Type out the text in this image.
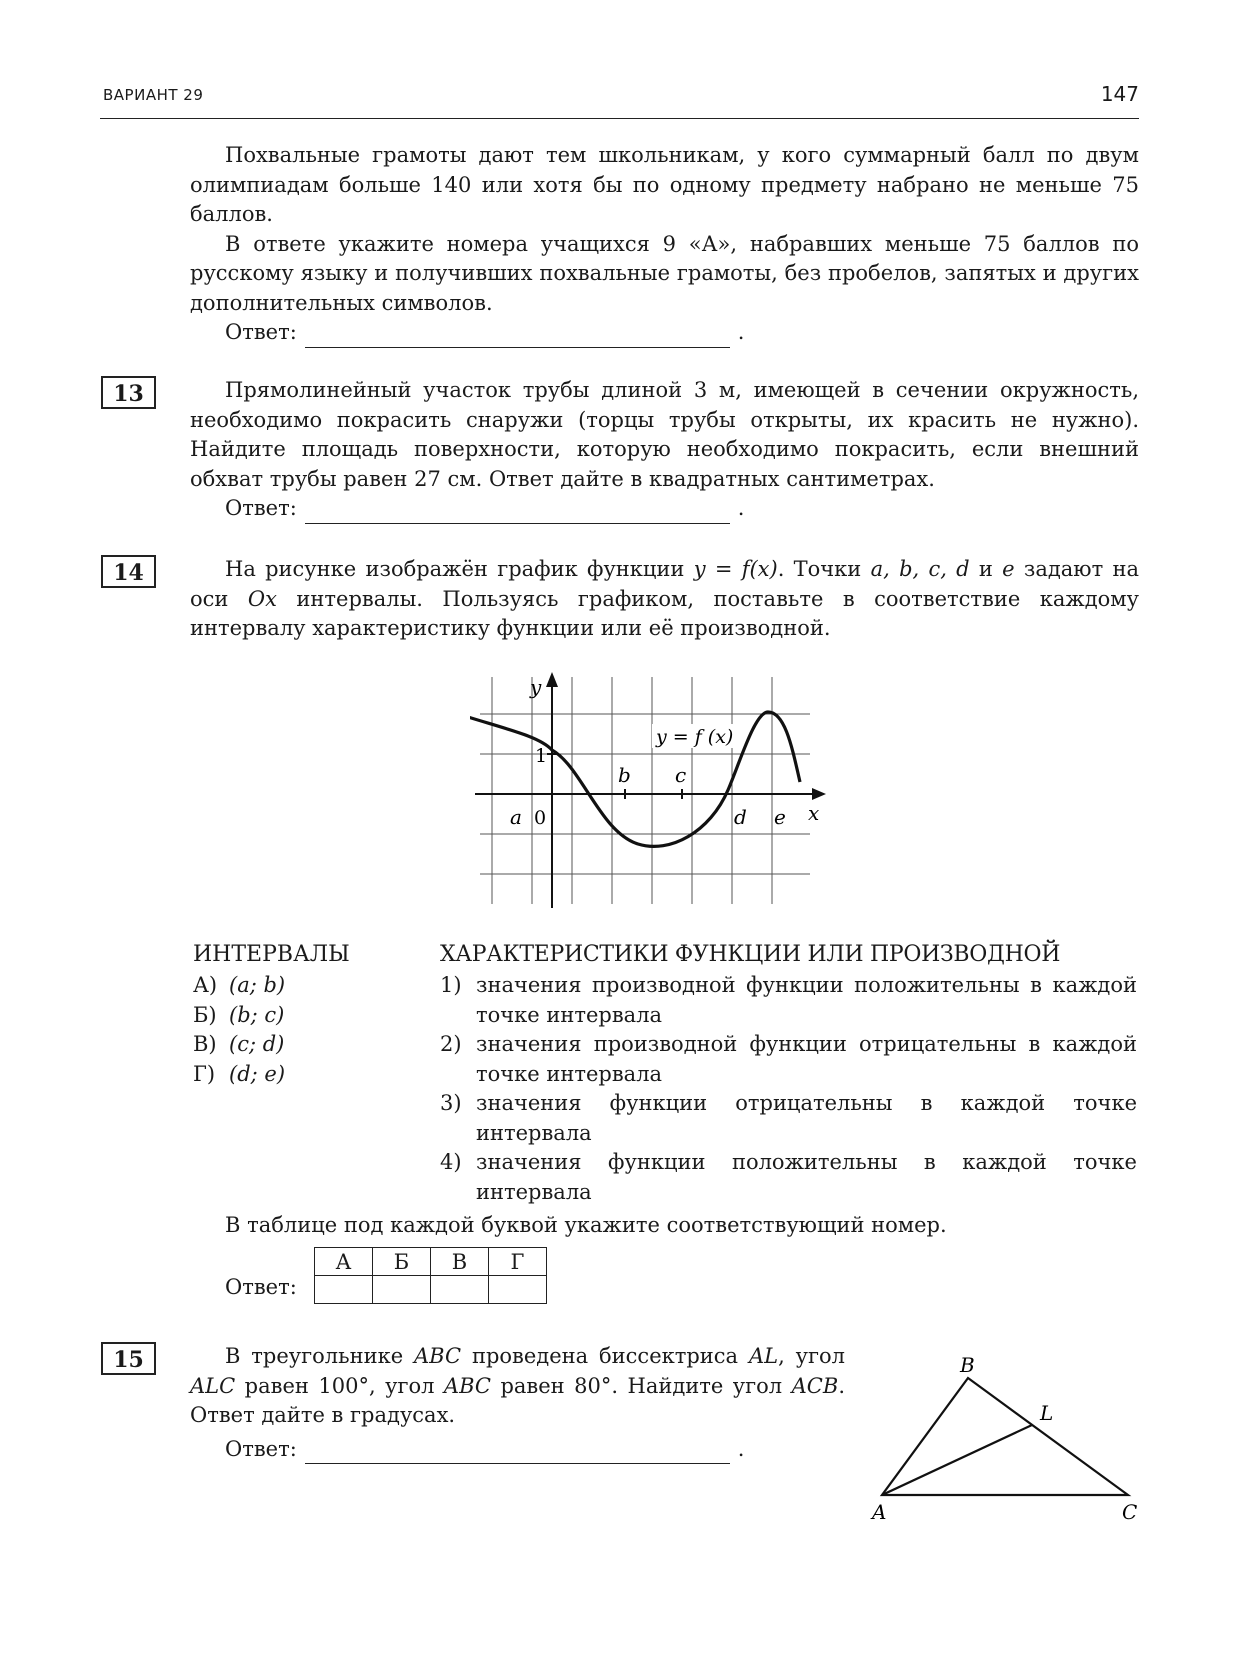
ВАРИАНТ 29	147

Похвальные грамоты дают тем школьникам, у кого суммарный балл по двум олимпиадам больше 140 или хотя бы по одному предмету набрано не меньше 75 баллов.

В ответе укажите номера учащихся 9 «А», набравших меньше 75 баллов по русскому языку и получивших похвальные грамоты, без пробелов, запятых и других дополнительных символов.

Ответ:	.
13	Прямолинейный участок трубы длиной 3 м, имеющей в сечении окружность, необходимо покрасить снаружи (торцы трубы открыты, их красить не нужно). Найдите площадь поверхности, которую необходимо покрасить, если внешний обхват трубы равен 27 см. Ответ дайте в квадратных сантиметрах.

Ответ:	.
14	На рисунке изображён график функции y = f(x). Точки a, b, c, d и e задают на оси Ox интервалы. Пользуясь графиком, поставьте в соответствие каждому интервалу характеристику функции или её производной.

y
x
1
0
a
b c
d e
y = f (x)
ИНТЕРВАЛЫ
А) (a; b)
Б) (b; c)
В) (c; d)
Г) (d; e)
ХАРАКТЕРИСТИКИ ФУНКЦИИ ИЛИ ПРОИЗВОДНОЙ
1) значения производной функции положительны в каждой точке интервала
2) значения производной функции отрицательны в каждой точке интервала
3) значения функции отрицательны в каждой точке интервала
4) значения функции положительны в каждой точке интервала
В таблице под каждой буквой укажите соответствующий номер.
Ответ:
А	Б	В	Г

15	В треугольнике ABC проведена биссектриса AL, угол ALC равен 100°, угол ABC равен 80°. Найдите угол ACB. Ответ дайте в градусах.

Ответ:	.
B
L
A	C
